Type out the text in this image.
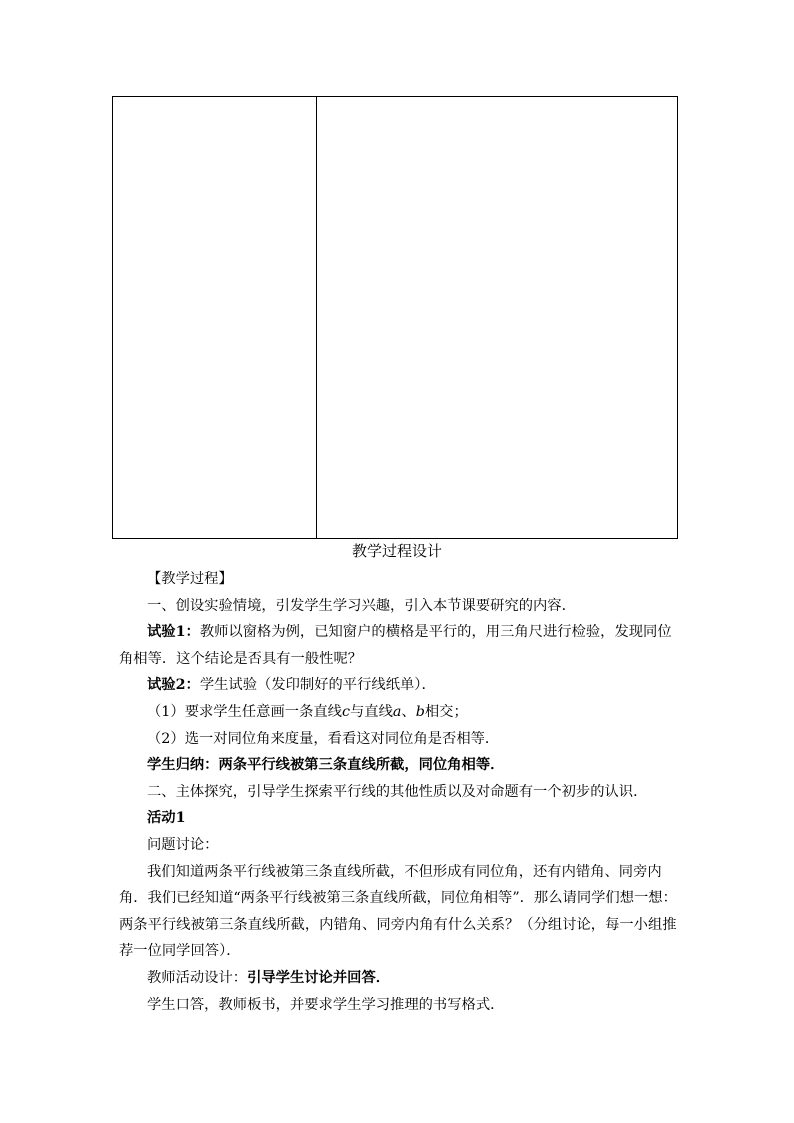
教学过程设计

【教学过程】

一、创设实验情境，引发学生学习兴趣，引入本节课要研究的内容．

试验1：教师以窗格为例，已知窗户的横格是平行的，用三角尺进行检验，发现同位角相等．这个结论是否具有一般性呢？

试验2：学生试验（发印制好的平行线纸单）．

（1）要求学生任意画一条直线c与直线a、b相交；

（2）选一对同位角来度量，看看这对同位角是否相等．

学生归纳：两条平行线被第三条直线所截，同位角相等．

二、主体探究，引导学生探索平行线的其他性质以及对命题有一个初步的认识．

活动1

问题讨论：

我们知道两条平行线被第三条直线所截，不但形成有同位角，还有内错角、同旁内角．我们已经知道“两条平行线被第三条直线所截，同位角相等”．那么请同学们想一想：两条平行线被第三条直线所截，内错角、同旁内角有什么关系？（分组讨论，每一小组推荐一位同学回答）．

教师活动设计：引导学生讨论并回答．

学生口答，教师板书，并要求学生学习推理的书写格式．
